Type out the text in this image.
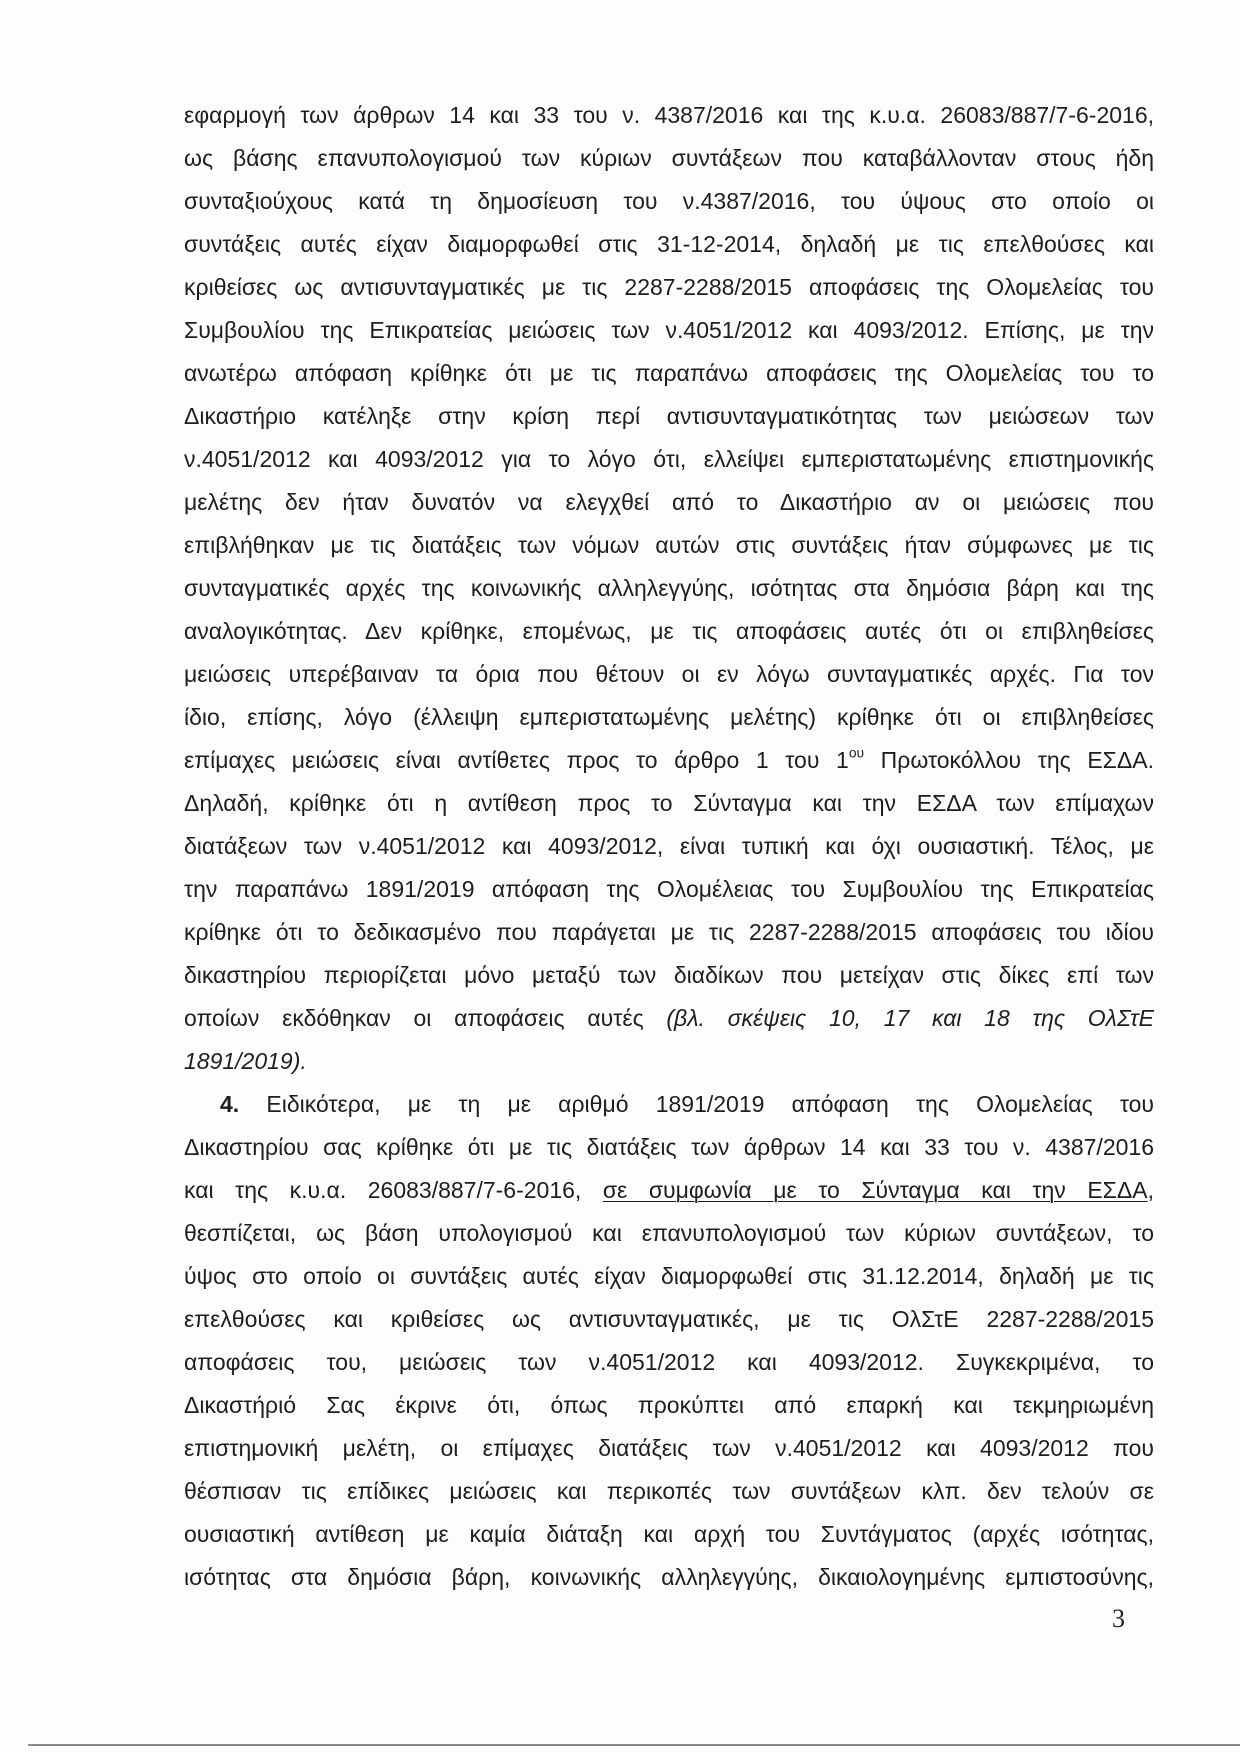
εφαρμογή των άρθρων 14 και 33 του ν. 4387/2016 και της κ.υ.α. 26083/887/7-6-2016,
ως βάσης επανυπολογισμού των κύριων συντάξεων που καταβάλλονταν στους ήδη
συνταξιούχους κατά τη δημοσίευση του ν.4387/2016, του ύψους στο οποίο οι
συντάξεις αυτές είχαν διαμορφωθεί στις 31-12-2014, δηλαδή με τις επελθούσες και
κριθείσες ως αντισυνταγματικές με τις 2287-2288/2015 αποφάσεις της Ολομελείας του
Συμβουλίου της Επικρατείας μειώσεις των ν.4051/2012 και 4093/2012. Επίσης, με την
ανωτέρω απόφαση κρίθηκε ότι με τις παραπάνω αποφάσεις της Ολομελείας του το
Δικαστήριο κατέληξε στην κρίση περί αντισυνταγματικότητας των μειώσεων των
ν.4051/2012 και 4093/2012 για το λόγο ότι, ελλείψει εμπεριστατωμένης επιστημονικής
μελέτης δεν ήταν δυνατόν να ελεγχθεί από το Δικαστήριο αν οι μειώσεις που
επιβλήθηκαν με τις διατάξεις των νόμων αυτών στις συντάξεις ήταν σύμφωνες με τις
συνταγματικές αρχές της κοινωνικής αλληλεγγύης, ισότητας στα δημόσια βάρη και της
αναλογικότητας. Δεν κρίθηκε, επομένως, με τις αποφάσεις αυτές ότι οι επιβληθείσες
μειώσεις υπερέβαιναν τα όρια που θέτουν οι εν λόγω συνταγματικές αρχές. Για τον
ίδιο, επίσης, λόγο (έλλειψη εμπεριστατωμένης μελέτης) κρίθηκε ότι οι επιβληθείσες
επίμαχες μειώσεις είναι αντίθετες προς το άρθρο 1 του $1^{o\upsilon}$ Πρωτοκόλλου της ΕΣΔΑ.
Δηλαδή, κρίθηκε ότι η αντίθεση προς το Σύνταγμα και την ΕΣΔΑ των επίμαχων
διατάξεων των ν.4051/2012 και 4093/2012, είναι τυπική και όχι ουσιαστική. Τέλος, με
την παραπάνω 1891/2019 απόφαση της Ολομέλειας του Συμβουλίου της Επικρατείας
κρίθηκε ότι το δεδικασμένο που παράγεται με τις 2287-2288/2015 αποφάσεις του ιδίου
δικαστηρίου περιορίζεται μόνο μεταξύ των διαδίκων που μετείχαν στις δίκες επί των
οποίων εκδόθηκαν οι αποφάσεις αυτές (βλ. σκέψεις 10, 17 και 18 της ΟλΣτΕ
1891/2019).
4. Ειδικότερα, με τη με αριθμό 1891/2019 απόφαση της Ολομελείας του
Δικαστηρίου σας κρίθηκε ότι με τις διατάξεις των άρθρων 14 και 33 του ν. 4387/2016
και της κ.υ.α. 26083/887/7-6-2016, σε συμφωνία με το Σύνταγμα και την ΕΣΔΑ,
θεσπίζεται, ως βάση υπολογισμού και επανυπολογισμού των κύριων συντάξεων, το
ύψος στο οποίο οι συντάξεις αυτές είχαν διαμορφωθεί στις 31.12.2014, δηλαδή με τις
επελθούσες και κριθείσες ως αντισυνταγματικές, με τις ΟλΣτΕ 2287-2288/2015
αποφάσεις του, μειώσεις των ν.4051/2012 και 4093/2012. Συγκεκριμένα, το
Δικαστήριό Σας έκρινε ότι, όπως προκύπτει από επαρκή και τεκμηριωμένη
επιστημονική μελέτη, οι επίμαχες διατάξεις των ν.4051/2012 και 4093/2012 που
θέσπισαν τις επίδικες μειώσεις και περικοπές των συντάξεων κλπ. δεν τελούν σε
ουσιαστική αντίθεση με καμία διάταξη και αρχή του Συντάγματος (αρχές ισότητας,
ισότητας στα δημόσια βάρη, κοινωνικής αλληλεγγύης, δικαιολογημένης εμπιστοσύνης,
3
